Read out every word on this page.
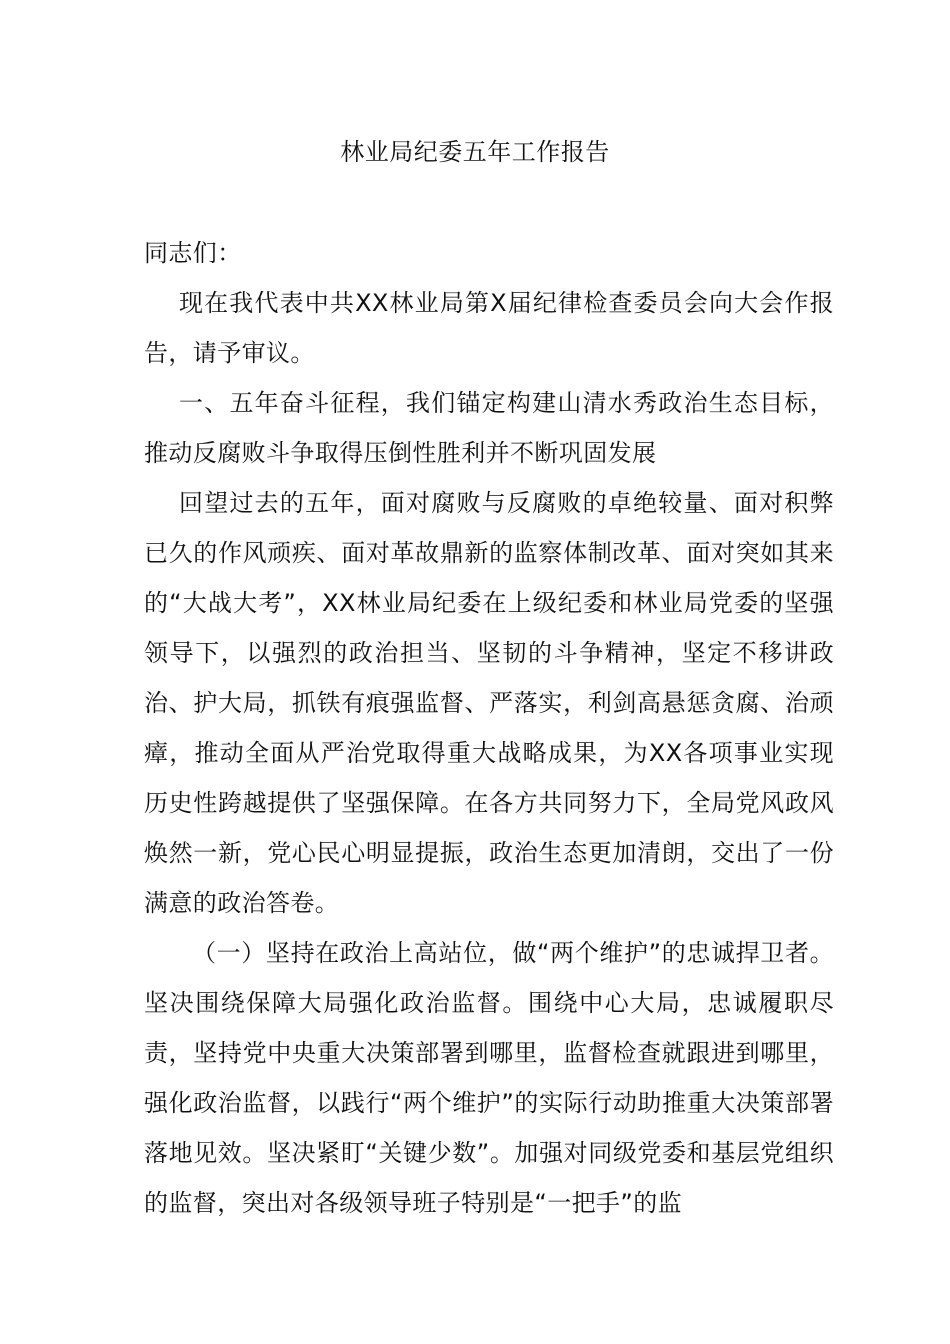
林业局纪委五年工作报告

同志们：

现在我代表中共XX林业局第X届纪律检查委员会向大会作报告，请予审议。

一、五年奋斗征程，我们锚定构建山清水秀政治生态目标，推动反腐败斗争取得压倒性胜利并不断巩固发展

回望过去的五年，面对腐败与反腐败的卓绝较量、面对积弊已久的作风顽疾、面对革故鼎新的监察体制改革、面对突如其来的“大战大考”，XX林业局纪委在上级纪委和林业局党委的坚强领导下，以强烈的政治担当、坚韧的斗争精神，坚定不移讲政治、护大局，抓铁有痕强监督、严落实，利剑高悬惩贪腐、治顽瘴，推动全面从严治党取得重大战略成果，为XX各项事业实现历史性跨越提供了坚强保障。在各方共同努力下，全局党风政风焕然一新，党心民心明显提振，政治生态更加清朗，交出了一份满意的政治答卷。

（一）坚持在政治上高站位，做“两个维护”的忠诚捍卫者。坚决围绕保障大局强化政治监督。围绕中心大局，忠诚履职尽责，坚持党中央重大决策部署到哪里，监督检查就跟进到哪里，强化政治监督，以践行“两个维护”的实际行动助推重大决策部署落地见效。坚决紧盯“关键少数”。加强对同级党委和基层党组织的监督，突出对各级领导班子特别是“一把手”的监
